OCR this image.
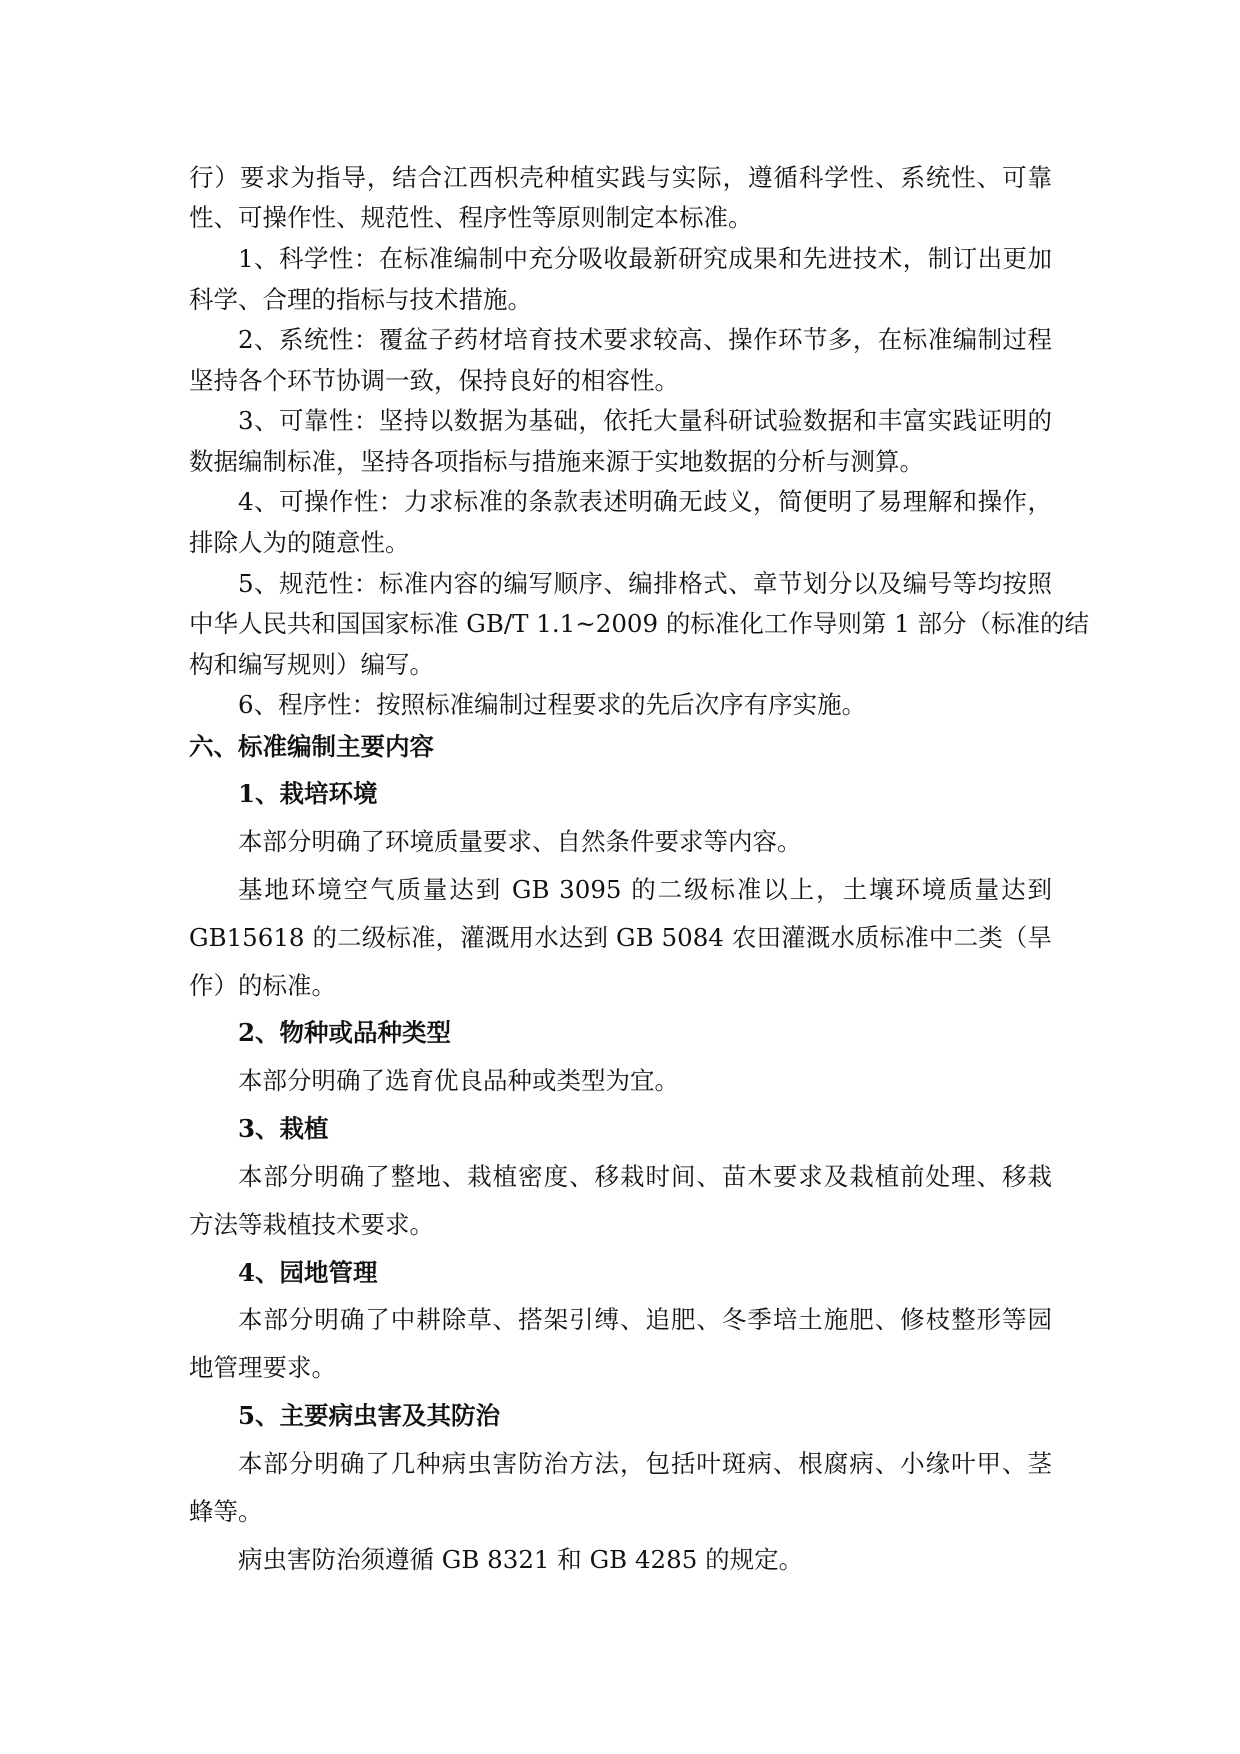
行）要求为指导，结合江西枳壳种植实践与实际，遵循科学性、系统性、可靠
性、可操作性、规范性、程序性等原则制定本标准。
1、科学性：在标准编制中充分吸收最新研究成果和先进技术，制订出更加
科学、合理的指标与技术措施。
2、系统性：覆盆子药材培育技术要求较高、操作环节多，在标准编制过程
坚持各个环节协调一致，保持良好的相容性。
3、可靠性：坚持以数据为基础，依托大量科研试验数据和丰富实践证明的
数据编制标准，坚持各项指标与措施来源于实地数据的分析与测算。
4、可操作性：力求标准的条款表述明确无歧义，简便明了易理解和操作，
排除人为的随意性。
5、规范性：标准内容的编写顺序、编排格式、章节划分以及编号等均按照
中华人民共和国国家标准 GB/T 1.1~2009 的标准化工作导则第 1 部分（标准的结
构和编写规则）编写。
6、程序性：按照标准编制过程要求的先后次序有序实施。
六、标准编制主要内容
1、栽培环境
本部分明确了环境质量要求、自然条件要求等内容。
基地环境空气质量达到 GB 3095 的二级标准以上，土壤环境质量达到
GB15618 的二级标准，灌溉用水达到 GB 5084 农田灌溉水质标准中二类（旱
作）的标准。
2、物种或品种类型
本部分明确了选育优良品种或类型为宜。
3、栽植
本部分明确了整地、栽植密度、移栽时间、苗木要求及栽植前处理、移栽
方法等栽植技术要求。
4、园地管理
本部分明确了中耕除草、搭架引缚、追肥、冬季培土施肥、修枝整形等园
地管理要求。
5、主要病虫害及其防治
本部分明确了几种病虫害防治方法，包括叶斑病、根腐病、小缘叶甲、茎
蜂等。
病虫害防治须遵循 GB 8321 和 GB 4285 的规定。
